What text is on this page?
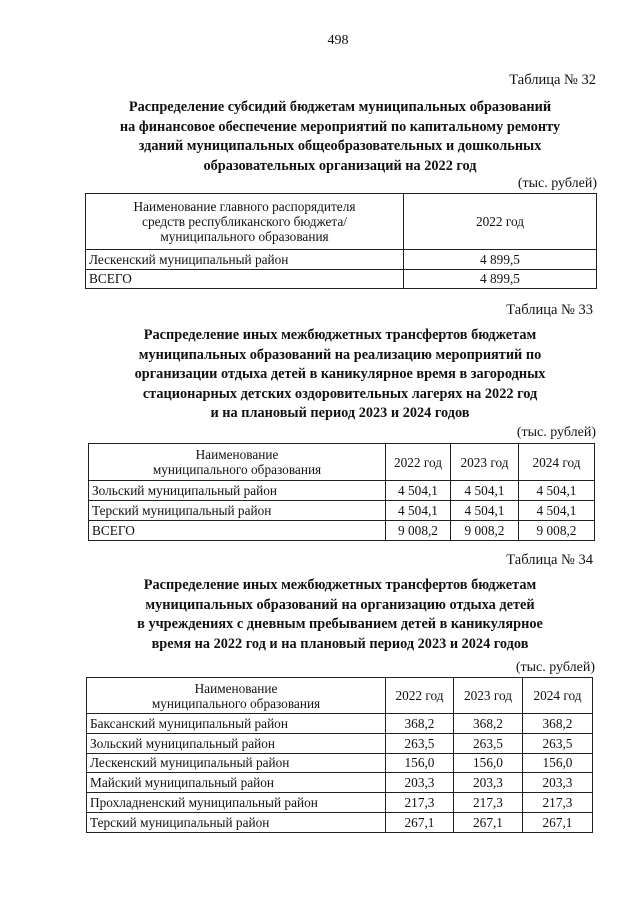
498
Таблица № 32
Распределение субсидий бюджетам муниципальных образований
на финансовое обеспечение мероприятий по капитальному ремонту
зданий муниципальных общеобразовательных и дошкольных
образовательных организаций на 2022 год
(тыс. рублей)
Наименование главного распорядителя средств республиканского бюджета/муниципального образования	2022 год
Лескенский муниципальный район	4 899,5
ВСЕГО	4 899,5
Таблица № 33
Распределение иных межбюджетных трансфертов бюджетам
муниципальных образований на реализацию мероприятий по
организации отдыха детей в каникулярное время в загородных
стационарных детских оздоровительных лагерях на 2022 год
и на плановый период 2023 и 2024 годов
(тыс. рублей)
Наименование муниципального образования	2022 год	2023 год	2024 год
Зольский муниципальный район	4 504,1	4 504,1	4 504,1
Терский муниципальный район	4 504,1	4 504,1	4 504,1
ВСЕГО	9 008,2	9 008,2	9 008,2
Таблица № 34
Распределение иных межбюджетных трансфертов бюджетам
муниципальных образований на организацию отдыха детей
в учреждениях с дневным пребыванием детей в каникулярное
время на 2022 год и на плановый период 2023 и 2024 годов
(тыс. рублей)
Наименование муниципального образования	2022 год	2023 год	2024 год
Баксанский муниципальный район	368,2	368,2	368,2
Зольский муниципальный район	263,5	263,5	263,5
Лескенский муниципальный район	156,0	156,0	156,0
Майский муниципальный район	203,3	203,3	203,3
Прохладненский муниципальный район	217,3	217,3	217,3
Терский муниципальный район	267,1	267,1	267,1
